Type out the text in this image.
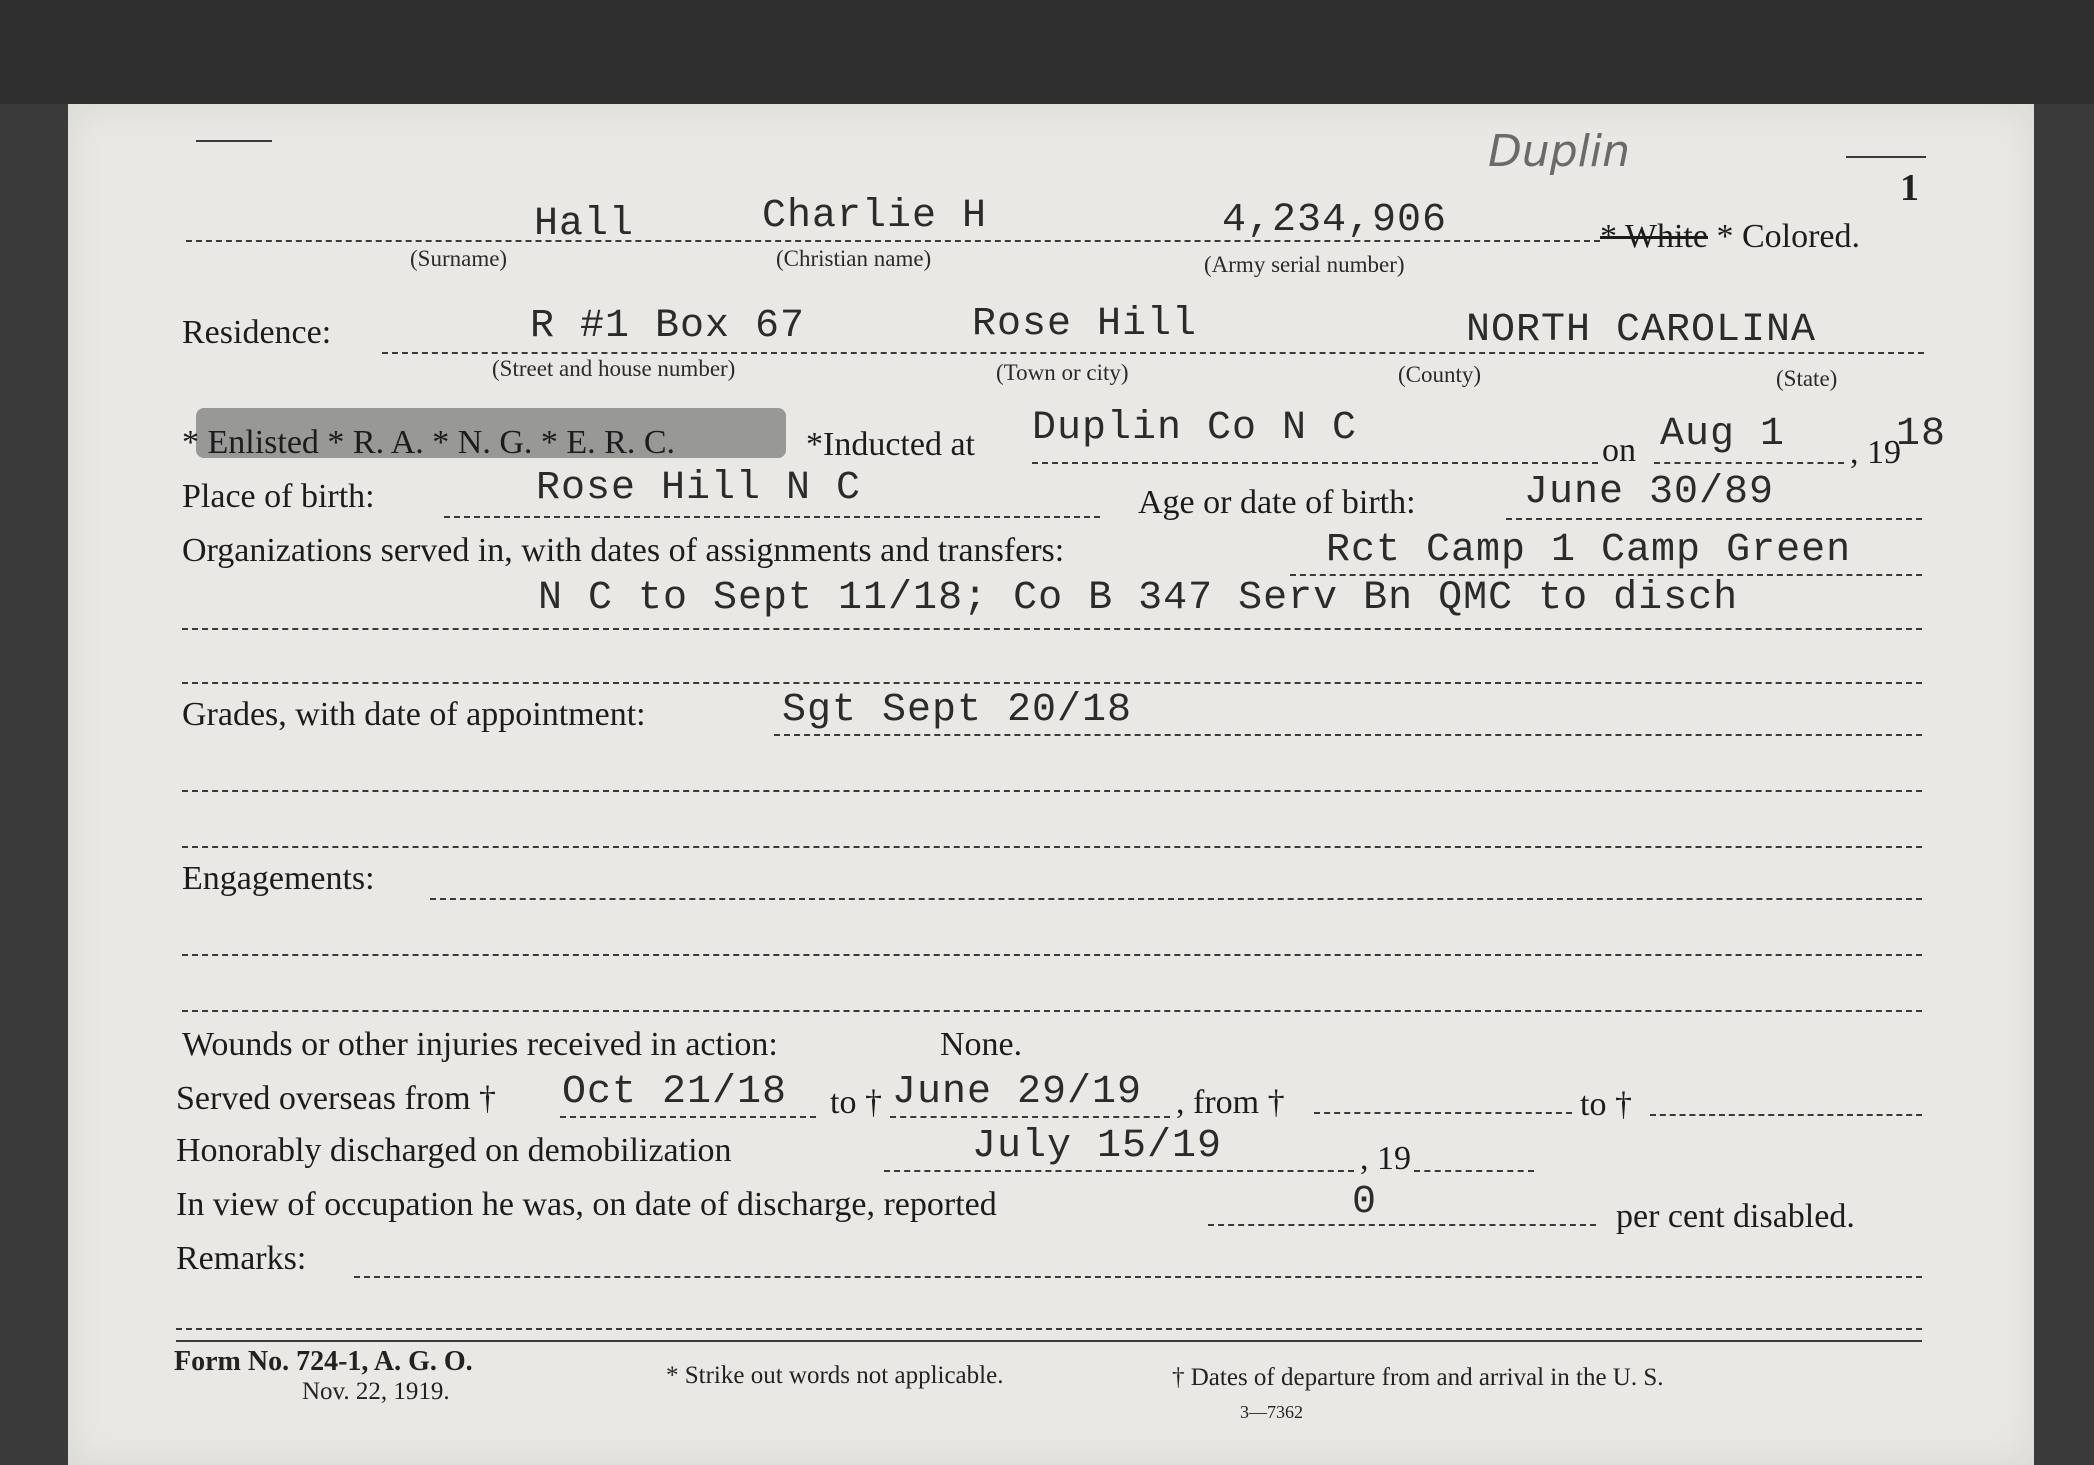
1
Duplin
Hall	Charlie H	4,234,906
(Surname)	(Christian name)	(Army serial number)
* White * Colored.
Residence:	R #1 Box 67	Rose Hill	NORTH CAROLINA
(Street and house number)	(Town or city)	(County)	(State)
* Enlisted * R. A. * N. G. * E. R. C.	*Inducted at Duplin Co N C	on Aug 1 , 19
18
Place of birth:	Rose Hill N C	Age or date of birth:	June 30/89
Organizations served in, with dates of assignments and transfers:	Rct Camp 1 Camp Green
N C to Sept 11/18; Co B 347 Serv Bn QMC to disch
Grades, with date of appointment:	Sgt Sept 20/18
Engagements:
Wounds or other injuries received in action:	None.
Served overseas from † Oct 21/18 to † June 29/19 , from †	to †
Honorably discharged on demobilization	July 15/19	, 19
In view of occupation he was, on date of discharge, reported	0	per cent disabled.
Remarks:
Form No. 724-1, A. G. O.
Nov. 22, 1919.
* Strike out words not applicable.	† Dates of departure from and arrival in the U. S.
3—7362
